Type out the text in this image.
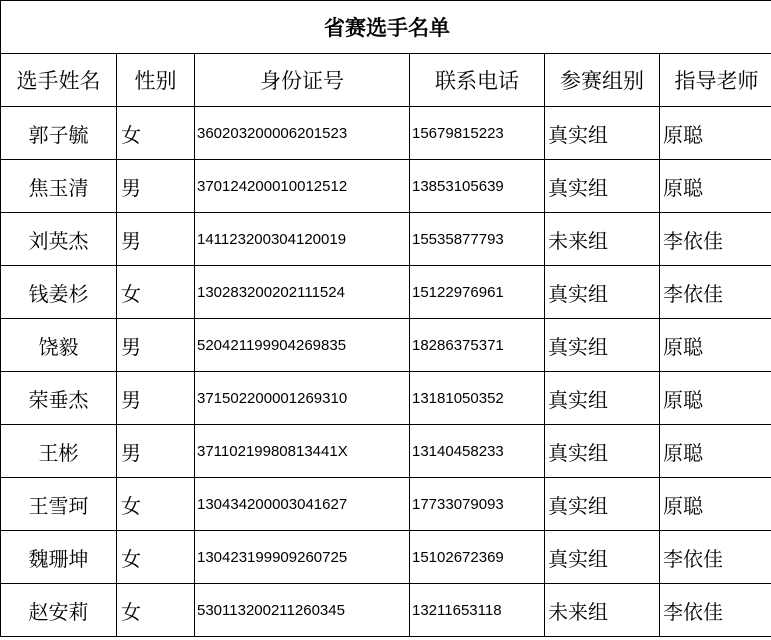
省赛选手名单					
选手姓名	性别	身份证号	联系电话	参赛组别	指导老师
郭子毓	女	360203200006201523	15679815223	真实组	原聪
焦玉清	男	370124200010012512	13853105639	真实组	原聪
刘英杰	男	141123200304120019	15535877793	未来组	李依佳
钱姜杉	女	130283200202111524	15122976961	真实组	李依佳
饶毅	男	520421199904269835	18286375371	真实组	原聪
荣垂杰	男	371502200001269310	13181050352	真实组	原聪
王彬	男	37110219980813441X	13140458233	真实组	原聪
王雪珂	女	130434200003041627	17733079093	真实组	原聪
魏珊坤	女	130423199909260725	15102672369	真实组	李依佳
赵安莉	女	530113200211260345	13211653118	未来组	李依佳
